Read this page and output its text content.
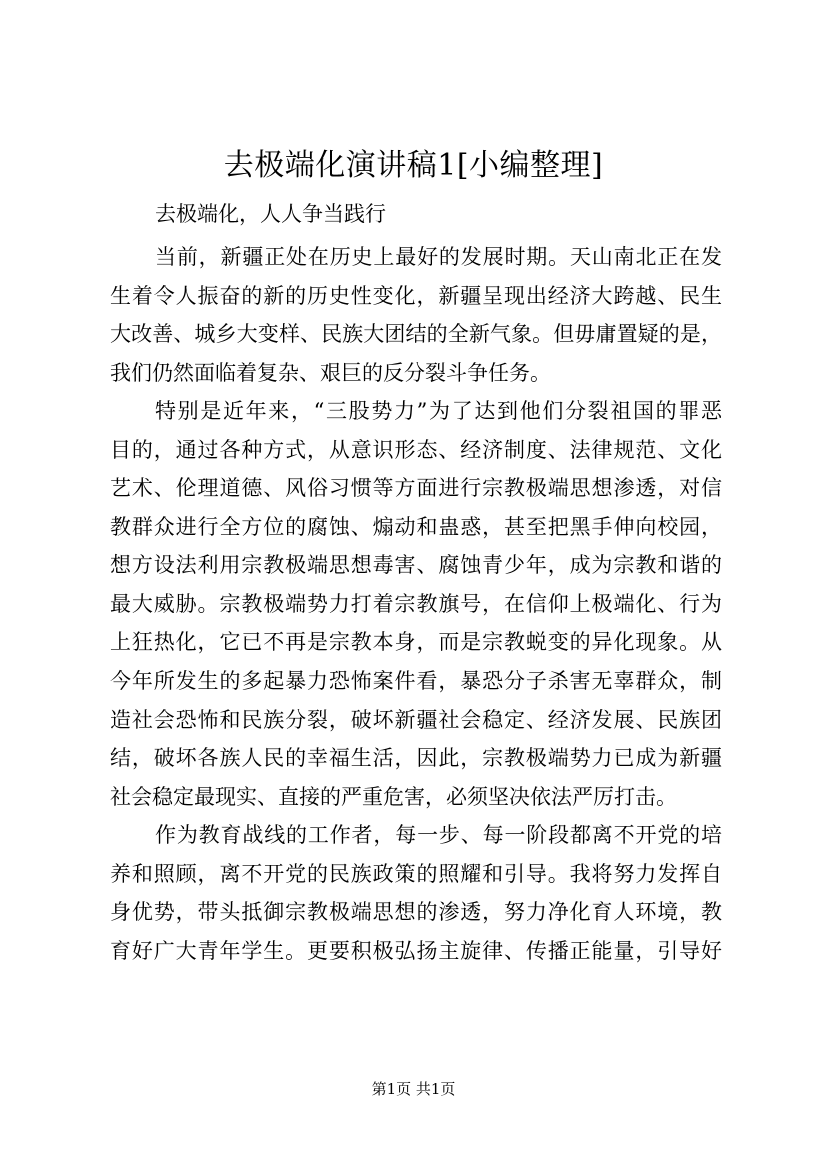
去极端化演讲稿1[小编整理]
去极端化，人人争当践行
当前，新疆正处在历史上最好的发展时期。天山南北正在发
生着令人振奋的新的历史性变化，新疆呈现出经济大跨越、民生
大改善、城乡大变样、民族大团结的全新气象。但毋庸置疑的是，
我们仍然面临着复杂、艰巨的反分裂斗争任务。
特别是近年来，“三股势力”为了达到他们分裂祖国的罪恶
目的，通过各种方式，从意识形态、经济制度、法律规范、文化
艺术、伦理道德、风俗习惯等方面进行宗教极端思想渗透，对信
教群众进行全方位的腐蚀、煽动和蛊惑，甚至把黑手伸向校园，
想方设法利用宗教极端思想毒害、腐蚀青少年，成为宗教和谐的
最大威胁。宗教极端势力打着宗教旗号，在信仰上极端化、行为
上狂热化，它已不再是宗教本身，而是宗教蜕变的异化现象。从
今年所发生的多起暴力恐怖案件看，暴恐分子杀害无辜群众，制
造社会恐怖和民族分裂，破坏新疆社会稳定、经济发展、民族团
结，破坏各族人民的幸福生活，因此，宗教极端势力已成为新疆
社会稳定最现实、直接的严重危害，必须坚决依法严厉打击。
作为教育战线的工作者，每一步、每一阶段都离不开党的培
养和照顾，离不开党的民族政策的照耀和引导。我将努力发挥自
身优势，带头抵御宗教极端思想的渗透，努力净化育人环境，教
育好广大青年学生。更要积极弘扬主旋律、传播正能量，引导好
第1页 共1页
